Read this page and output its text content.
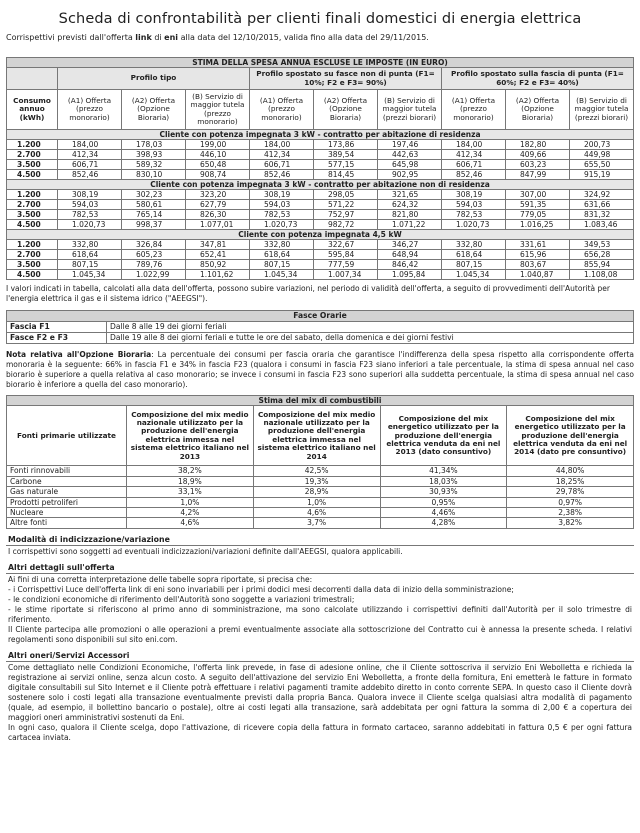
Scheda di confrontabilità per clienti finali domestici di energia elettrica
Corrispettivi previsti dall'offerta link di eni alla data del 12/10/2015, valida fino alla data del 29/11/2015.
STIMA DELLA SPESA ANNUA ESCLUSE LE IMPOSTE (IN EURO)									
	Profilo tipo			Profilo spostato su fasce non di punta (F1= 10%; F2 e F3= 90%)			Profilo spostato sulla fascia di punta (F1= 60%; F2 e F3= 40%)		
Consumo annuo (kWh)	(A1) Offerta (prezzo monorario)	(A2) Offerta (Opzione Bioraria)	(B) Servizio di maggior tutela (prezzo monorario)	(A1) Offerta (prezzo monorario)	(A2) Offerta (Opzione Bioraria)	(B) Servizio di maggior tutela (prezzi biorari)	(A1) Offerta (prezzo monorario)	(A2) Offerta (Opzione Bioraria)	(B) Servizio di maggior tutela (prezzi biorari)
Cliente con potenza impegnata 3 kW - contratto per abitazione di residenza									
1.200	184,00	178,03	199,00	184,00	173,86	197,46	184,00	182,80	200,73
2.700	412,34	398,93	446,10	412,34	389,54	442,63	412,34	409,66	449,98
3.500	606,71	589,32	650,48	606,71	577,15	645,98	606,71	603,23	655,50
4.500	852,46	830,10	908,74	852,46	814,45	902,95	852,46	847,99	915,19
Cliente con potenza impegnata 3 kW - contratto per abitazione non di residenza									
1.200	308,19	302,23	323,20	308,19	298,05	321,65	308,19	307,00	324,92
2.700	594,03	580,61	627,79	594,03	571,22	624,32	594,03	591,35	631,66
3.500	782,53	765,14	826,30	782,53	752,97	821,80	782,53	779,05	831,32
4.500	1.020,73	998,37	1.077,01	1.020,73	982,72	1.071,22	1.020,73	1.016,25	1.083,46
Cliente con potenza impegnata 4,5 kW									
1.200	332,80	326,84	347,81	332,80	322,67	346,27	332,80	331,61	349,53
2.700	618,64	605,23	652,41	618,64	595,84	648,94	618,64	615,96	656,28
3.500	807,15	789,76	850,92	807,15	777,59	846,42	807,15	803,67	855,94
4.500	1.045,34	1.022,99	1.101,62	1.045,34	1.007,34	1.095,84	1.045,34	1.040,87	1.108,08
I valori indicati in tabella, calcolati alla data dell'offerta, possono subire variazioni, nel periodo di validità dell'offerta, a seguito di provvedimenti dell'Autorità per l'energia elettrica il gas e il sistema idrico ("AEEGSI").
Fasce Orarie	
Fascia F1	Dalle 8 alle 19 dei giorni feriali
Fasce F2 e F3	Dalle 19 alle 8 dei giorni feriali e tutte le ore del sabato, della domenica e dei giorni festivi
Nota relativa all'Opzione Bioraria: La percentuale dei consumi per fascia oraria che garantisce l'indifferenza della spesa rispetto alla corrispondente offerta monoraria è la seguente: 66% in fascia F1 e 34% in fascia F23 (qualora i consumi in fascia F23 siano inferiori a tale percentuale, la stima di spesa annual nel caso biorario è superiore a quella relativa al caso monorario; se invece i consumi in fascia F23 sono superiori alla suddetta percentuale, la stima di spesa annual nel caso biorario è inferiore a quella del caso monorario).
Stima del mix di combustibili				
Fonti primarie utilizzate	Composizione del mix medio nazionale utilizzato per la produzione dell'energia elettrica immessa nel sistema elettrico italiano nel 2013	Composizione del mix medio nazionale utilizzato per la produzione dell'energia elettrica immessa nel sistema elettrico italiano nel 2014	Composizione del mix energetico utilizzato per la produzione dell'energia elettrica venduta da eni nel 2013 (dato consuntivo)	Composizione del mix energetico utilizzato per la produzione dell'energia elettrica venduta da eni nel 2014 (dato pre consuntivo)
Fonti rinnovabili	38,2%	42,5%	41,34%	44,80%
Carbone	18,9%	19,3%	18,03%	18,25%
Gas naturale	33,1%	28,9%	30,93%	29,78%
Prodotti petroliferi	1,0%	1,0%	0,95%	0,97%
Nucleare	4,2%	4,6%	4,46%	2,38%
Altre fonti	4,6%	3,7%	4,28%	3,82%
Modalità di indicizzazione/variazione
I corrispettivi sono soggetti ad eventuali indicizzazioni/variazioni definite dall'AEEGSI, qualora applicabili.
Altri dettagli sull'offerta

Ai fini di una corretta interpretazione delle tabelle sopra riportate, si precisa che:

- i Corrispettivi Luce dell'offerta link di eni sono invariabili per i primi dodici mesi decorrenti dalla data di inizio della somministrazione;

- le condizioni economiche di riferimento dell'Autorità sono soggette a variazioni trimestrali;

- le stime riportate si riferiscono al primo anno di somministrazione, ma sono calcolate utilizzando i corrispettivi definiti dall'Autorità per il solo trimestre di riferimento.

Il Cliente partecipa alle promozioni o alle operazioni a premi eventualmente associate alla sottoscrizione del Contratto cui è annessa la presente scheda. I relativi regolamenti sono disponibili sul sito eni.com.

Altri oneri/Servizi Accessori

Come dettagliato nelle Condizioni Economiche, l'offerta link prevede, in fase di adesione online, che il Cliente sottoscriva il servizio Eni Webolletta e richieda la registrazione ai servizi online, senza alcun costo. A seguito dell'attivazione del servizio Eni Webolletta, a fronte della fornitura, Eni emetterà le fatture in formato digitale consultabili sul Sito Internet e il Cliente potrà effettuare i relativi pagamenti tramite addebito diretto in conto corrente SEPA. In questo caso il Cliente dovrà sostenere solo i costi legati alla transazione eventualmente previsti dalla propria Banca. Qualora invece il Cliente scelga qualsiasi altra modalità di pagamento (quale, ad esempio, il bollettino bancario o postale), oltre ai costi legati alla transazione, sarà addebitata per ogni fattura la somma di 2,00 € a copertura dei maggiori oneri amministrativi sostenuti da Eni.

In ogni caso, qualora il Cliente scelga, dopo l'attivazione, di ricevere copia della fattura in formato cartaceo, saranno addebitati in fattura 0,5 € per ogni fattura cartacea inviata.
